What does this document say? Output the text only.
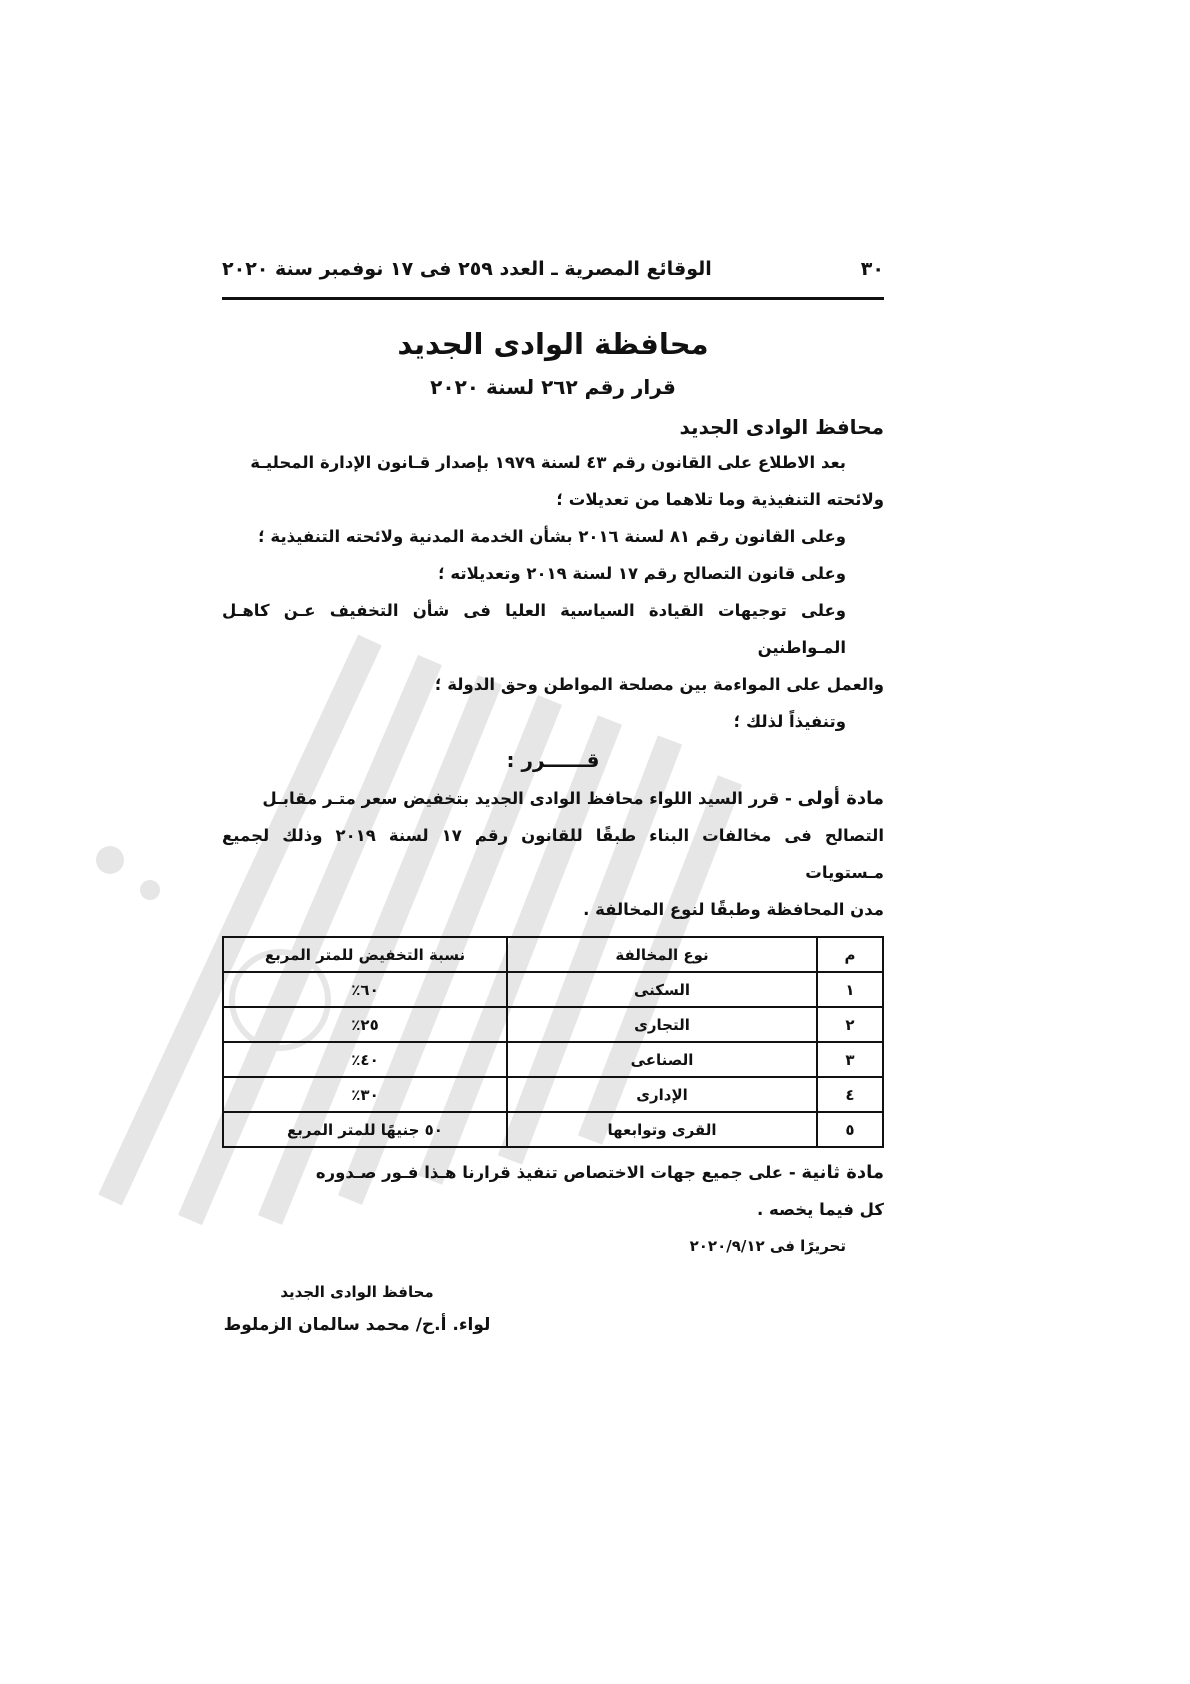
٣٠
الوقائع المصرية ـ العدد ٢٥٩ فى ١٧ نوفمبر سنة ٢٠٢٠
محافظة الوادى الجديد
قرار رقم ٢٦٢ لسنة ٢٠٢٠
محافظ الوادى الجديد
بعد الاطلاع على القانون رقم ٤٣ لسنة ١٩٧٩ بإصدار قـانون الإدارة المحليـة
ولائحته التنفيذية وما تلاهما من تعديلات ؛
وعلى القانون رقم ٨١ لسنة ٢٠١٦ بشأن الخدمة المدنية ولائحته التنفيذية ؛
وعلى قانون التصالح رقم ١٧ لسنة ٢٠١٩ وتعديلاته ؛
وعلى توجيهات القيادة السياسية العليا فى شأن التخفيف عـن كاهـل المـواطنين
والعمل على المواءمة بين مصلحة المواطن وحق الدولة ؛
وتنفيذاً لذلك ؛
قــــــرر :
مادة أولى - قرر السيد اللواء محافظ الوادى الجديد بتخفيض سعر متـر مقابـل
التصالح فى مخالفات البناء طبقًا للقانون رقم ١٧ لسنة ٢٠١٩ وذلك لجميع مـستويات
مدن المحافظة وطبقًا لنوع المخالفة .
م	نوع المخالفة	نسبة التخفيض للمتر المربع
١	السكنى	٦٠٪
٢	التجارى	٢٥٪
٣	الصناعى	٤٠٪
٤	الإدارى	٣٠٪
٥	القرى وتوابعها	٥٠ جنيهًا للمتر المربع
مادة ثانية - على جميع جهات الاختصاص تنفيذ قرارنا هـذا فـور صـدوره
كل فيما يخصه .
تحريرًا فى ٢٠٢٠/٩/١٢
محافظ الوادى الجديد
لواء. أ.ح/ محمد سالمان الزملوط
